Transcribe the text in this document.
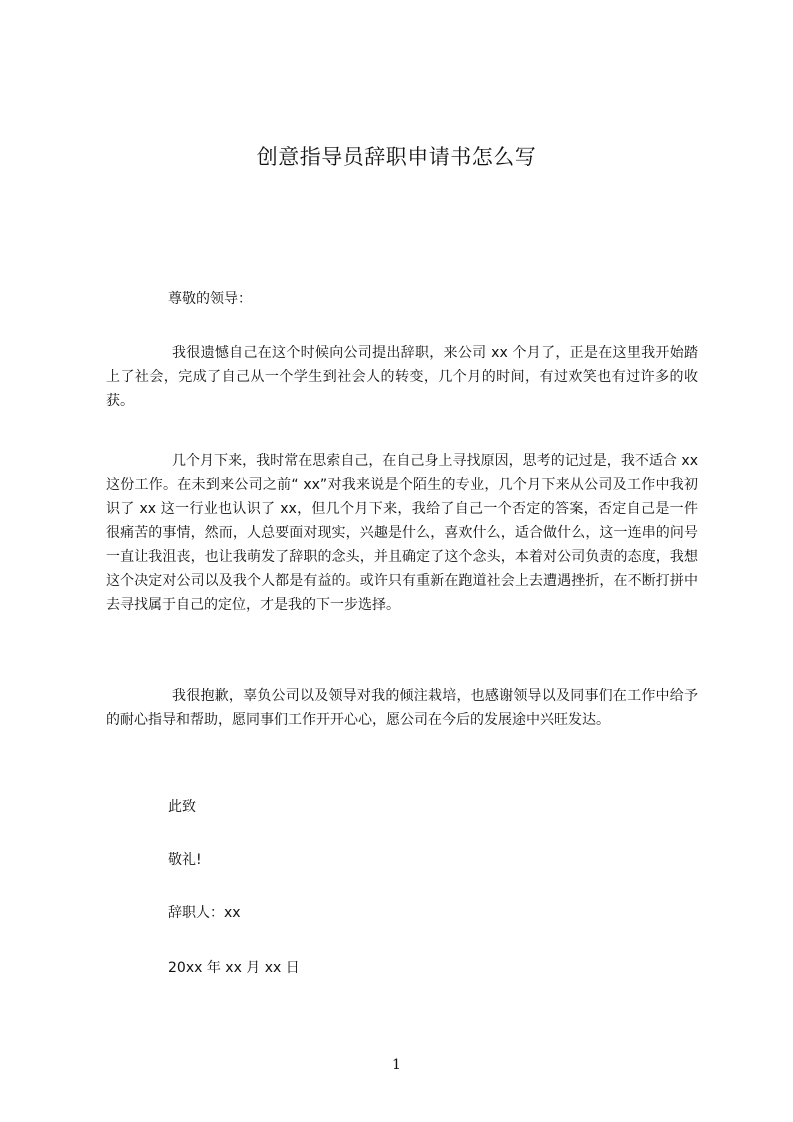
创意指导员辞职申请书怎么写
尊敬的领导：

我很遗憾自己在这个时候向公司提出辞职，来公司 xx 个月了，正是在这里我开始踏上了社会，完成了自己从一个学生到社会人的转变，几个月的时间，有过欢笑也有过许多的收获。

几个月下来，我时常在思索自己，在自己身上寻找原因，思考的记过是，我不适合 xx 这份工作。在未到来公司之前“ xx”对我来说是个陌生的专业，几个月下来从公司及工作中我初识了 xx 这一行业也认识了 xx，但几个月下来，我给了自己一个否定的答案，否定自己是一件很痛苦的事情，然而，人总要面对现实，兴趣是什么，喜欢什么，适合做什么，这一连串的问号一直让我沮丧，也让我萌发了辞职的念头，并且确定了这个念头，本着对公司负责的态度，我想这个决定对公司以及我个人都是有益的。或许只有重新在跑道社会上去遭遇挫折，在不断打拼中去寻找属于自己的定位，才是我的下一步选择。

我很抱歉，辜负公司以及领导对我的倾注栽培，也感谢领导以及同事们在工作中给予的耐心指导和帮助，愿同事们工作开开心心，愿公司在今后的发展途中兴旺发达。

此致
敬礼!
辞职人：xx
20xx 年 xx 月 xx 日
1
